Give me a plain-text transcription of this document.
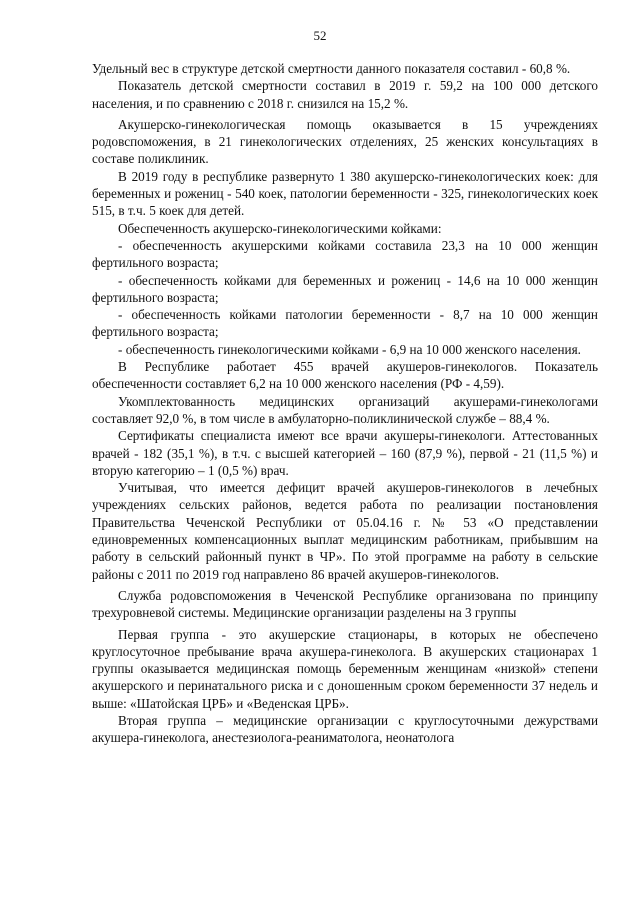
52

Удельный вес в структуре детской смертности данного показателя составил - 60,8 %.

Показатель детской смертности составил в 2019 г. 59,2 на 100 000 детского населения, и по сравнению с 2018 г. снизился на 15,2 %.

Акушерско-гинекологическая помощь оказывается в 15 учреждениях родовспоможения, в 21 гинекологических отделениях, 25 женских консультациях в составе поликлиник.

В 2019 году в республике развернуто 1 380 акушерско-гинекологических коек: для беременных и рожениц - 540 коек, патологии беременности - 325, гинекологических коек 515, в т.ч. 5 коек для детей.

Обеспеченность акушерско-гинекологическими койками:

- обеспеченность акушерскими койками составила 23,3 на 10 000 женщин фертильного возраста;

- обеспеченность койками для беременных и рожениц - 14,6 на 10 000 женщин фертильного возраста;

- обеспеченность койками патологии беременности - 8,7 на 10 000 женщин фертильного возраста;

- обеспеченность гинекологическими койками - 6,9 на 10 000 женского населения.

В Республике работает 455 врачей акушеров-гинекологов. Показатель обеспеченности составляет 6,2 на 10 000 женского населения (РФ - 4,59).

Укомплектованность медицинских организаций акушерами-гинекологами составляет 92,0 %, в том числе в амбулаторно-поликлинической службе – 88,4 %.

Сертификаты специалиста имеют все врачи акушеры-гинекологи. Аттестованных врачей - 182 (35,1 %), в т.ч. с высшей категорией – 160 (87,9 %), первой - 21 (11,5 %) и вторую категорию – 1 (0,5 %) врач.

Учитывая, что имеется дефицит врачей акушеров-гинекологов в лечебных учреждениях сельских районов, ведется работа по реализации постановления Правительства Чеченской Республики от 05.04.16 г. № 53 «О представлении единовременных компенсационных выплат медицинским работникам, прибывшим на работу в сельский районный пункт в ЧР». По этой программе на работу в сельские районы с 2011 по 2019 год направлено 86 врачей акушеров-гинекологов.

Служба родовспоможения в Чеченской Республике организована по принципу трехуровневой системы. Медицинские организации разделены на 3 группы

Первая группа - это акушерские стационары, в которых не обеспечено круглосуточное пребывание врача акушера-гинеколога. В акушерских стационарах 1 группы оказывается медицинская помощь беременным женщинам «низкой» степени акушерского и перинатального риска и с доношенным сроком беременности 37 недель и выше: «Шатойская ЦРБ» и «Веденская ЦРБ».

Вторая группа – медицинские организации с круглосуточными дежурствами акушера-гинеколога, анестезиолога-реаниматолога, неонатолога
